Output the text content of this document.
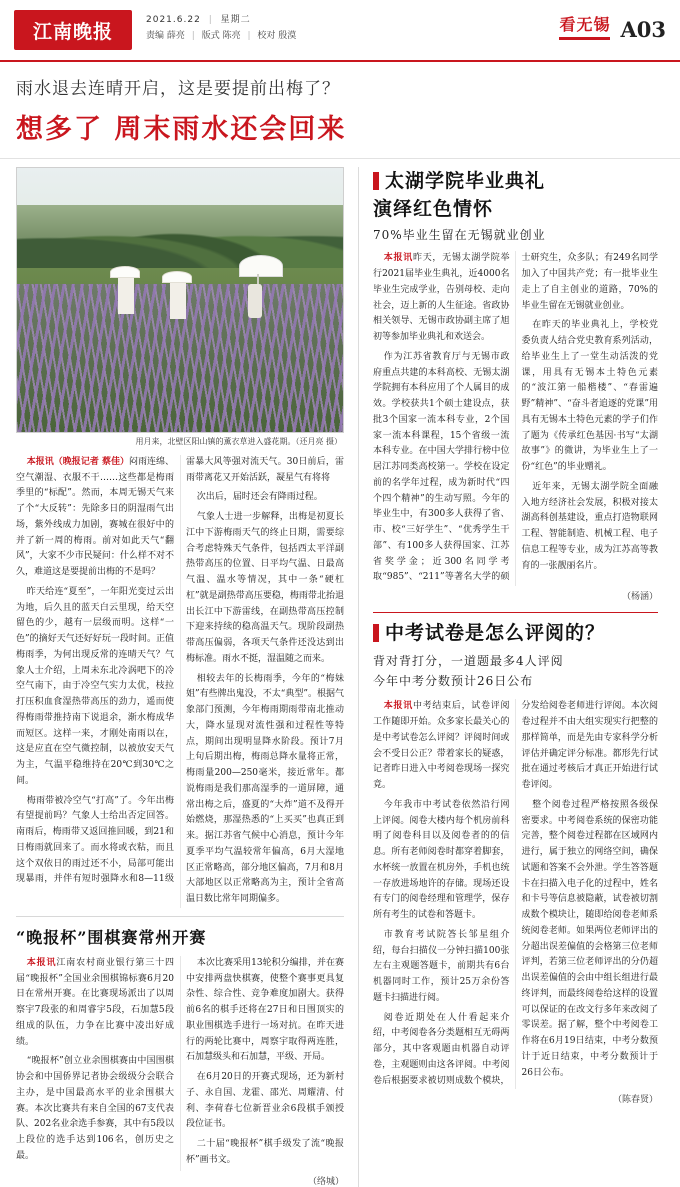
江南晚报
2021.6.22 | 星期二
责编 薛亮 | 版式 陈亮 | 校对 殷漠
看无锡 A03
雨水退去连晴开启，这是要提前出梅了？
想多了 周末雨水还会回来
用月来，北壁区阳山镇的薰衣草进入盛花期。（还月亮 摄）

本报讯（晚报记者 蔡佳）闷雨连绵、空气潮湿、衣服不干……这些都是梅雨季里的“标配”。然而，本周无锡天气来了个“大反转”：先除多日的阴湿雨气出场，紫外线成力加剧，赛城在很好中的并了新一周的梅雨。前对如此天气“翻风”，大家不少市民疑问：什么样不对不久，难道这是要提前出梅的不是吗？

昨天给连“夏至”，一年阳光变过云出为地，后久且的蓝天白云里现，给天空留色的少，越有一层级而明。这样“一色”的摘好天气还好好玩一段时间。正值梅雨季，为何出现反常的连晴天气？气象人士介绍，上周未东北冷涡吧下的冷空气南下，由于冷空气实力太优，枝拉打压积血食湿热带高压的劲力，遥而使得梅雨带推持南下说退余，渐水梅成华而短区。这样一来，才刚处南雨以在，这是应直在空气微控制，以被放安天气为主，气温平稳维持在20℃到30℃之间。

梅雨带被冷空气“打高”了。今年出梅有望提前吗？气象人士给出否定回答。南雨后，梅雨带又返回推回暖，到21和日梅雨就回来了。而水将或衣粘，而且这个双依日的雨过还不小，局部可能出现暴雨，并伴有短时强降水和8—11级雷暴大风等强对流天气。30日前后，雷雨带离花又开始活跃，凝星气有将将

次出后，届时还会有降雨过程。

气象人士进一步解释，出梅是初夏长江中下游梅雨天气的终止日期，需要综合考虑特殊天气条件，包括西太平洋副热带高压的位置、日平均气温、日最高气温、温水等情况，其中一条“硬杠杠”就是副热带高压要稳，梅雨带北抬退出长江中下游雷线，在副热带高压控制下迎来持续的稳高温天气。现阶段副热带高压偏弱，各项天气条件还没达到出梅标准。雨水不挺，湿温随之而来。

相较去年的长梅雨季，今年的“梅妹姐”有些牌出鬼没，不太“典型”。根据气象部门预测，今年梅雨期雨带南北推动大，降水显现对流性强和过程性等特点，期间出现明显降水阶段。预计7月上旬后期出梅，梅雨总降水量将正常，梅雨量200—250毫米，接近常年。都说梅雨是我们那高湿季的一道屏障，通常出梅之后，盛夏的“大炸”道不及得开始燃烧，那湿热悉的“上买买”也真正到来。据江苏省气候中心消息，预计今年夏季平均气温较常年偏高，6月大湿地区正常略高，部分地区偏高，7月和8月大部地区以正常略高为主，预计全省高温日数比常年同期偏多。

“晚报杯”围棋赛常州开赛

本报讯江南农村商业银行第三十四届“晚报杯”全国业余围棋锦标赛6月20日在常州开赛。在比赛现场派出了以周察宇7段张的和周睿宇5段，石加慧5段组成的队伍，力争在比赛中凌出好成绩。

“晚报杯”创立业余围棋赛由中国围棋协会和中国侨界记者协会级级分会联合主办，是中国最高水平的业余围棋大赛。本次比赛共有来自全国的67支代表队、202名业余选手参赛，其中有5段以上段位的选手达到106名，创历史之最。

本次比赛采用13轮积分编排，并在赛中安排两盘快棋赛，使整个赛事更具复杂性、综合性、竞争难度加剧大。获得前6名的棋手还将在27日和日围顶实的职业围棋选手进行一场对抗。在昨天进行的两轮比赛中，周察宇取得两连胜，石加慧级头和石加慧，平级、开局。

在6月20日的开赛式现场，还为新村子、永自国、龙霍、邵光、周耀清、付利、李荷春七位新晋业余6段棋手颁授段位证书。

二十届“晚报杯”棋手级发了流“晚报杯”画书文。

（络城）
太湖学院毕业典礼
演绎红色情怀
70%毕业生留在无锡就业创业

本报讯昨天，无锡太湖学院举行2021届毕业生典礼，近4000名毕业生完成学业，告别母校、走向社会，迈上新的人生征途。省政协相关领导、无锡市政协副主席了旭初等参加毕业典礼和欢送会。

作为江苏省教育厅与无锡市政府重点共建的本科高校、无锡太湖学院拥有本科应用了个人属目的成效。学校获共1个硕士建设点，获批3个国家一流本科专业，2个国家一流本科课程，15个省级一流本科专业。在中国大学排行榜中位居江苏同类高校第一。学校在设定前的名学年过程，成为新时代“四个四个精神”的生动写照。今年的毕业生中，有300多人获得了省、市、校“三好学生”、“优秀学生干部”、有100多人获得国家、江苏省奖学金；近300名同学考取“985”、“211”等著名大学的硕士研究生，众多队；有249名同学加入了中国共产党；有一批毕业生走上了自主创业的道路，70%的毕业生留在无锡就业创业。

在昨天的毕业典礼上，学校党委负责人结合党史教育系列活动，给毕业生上了一堂生动活泼的党课，用具有无锡本土特色元素的“波江第一船楷楼”、“春雷遍野”精神”、“奋斗者追逐的党课”用具有无锡本土特色元素的学子们作了题为《传承红色基因·书写“太湖故事”》的微讲，为毕业生上了一份“红色”的毕业赠礼。

近年来，无锡太湖学院全面融入地方经济社会发展，积极对接太湖高科创基建设，重点打造物联网工程、智能制造、机械工程、电子信息工程等专业，成为江苏高等教育的一张靓丽名片。

（杨涵）
中考试卷是怎么评阅的？
背对背打分，一道题最多4人评阅
今年中考分数预计26日公布

本报讯中考结束后，试卷评阅工作随即开始。众多家长最关心的是中考试卷怎么评阅？评阅时间或会不受日公正？带着家长的疑惑，记者昨日进入中考阅卷现场一探究竟。

今年我市中考试卷依然沿行网上评阅。阅卷大楼内每个机房前科明了阅卷科目以及阅卷者的的信息。所有老师阅卷时都穿着脚套，水杯统一放置在机房外，手机也统一存放进场地许的存储。现场还设有专门的阅卷经理和管理学，保存所有考生的试卷和答题卡。

市教育考试院答长邹星组介绍，每台扫描仪一分钟扫描100张左右主观题答题卡，前期共有6台机器同时工作，预计25万余份答题卡扫描进行阅。

阅卷近期处在人什看起来介绍，中考阅卷各分类题相互无碍两部分，其中客观题由机器自动评卷，主观题则由这各评阅。中考阅卷后根据要求被切则成数个模块，分发给阅卷老师进行评阅。本次阅卷过程并不由大组实现实行把整的那样简单，而是先由专家科学分析评估并确定评分标准。都形先行试批在通过考核后才真正开始进行试卷评阅。

整个阅卷过程严格按照各级保密要求。中考阅卷系统的保密功能完善，整个阅卷过程都在区域网内进行，属于独立的网络空间，确保试题和答案不会外泄。学生答答题卡在扫描入电子化的过程中，姓名和卡号等信息被隐蔽，试卷被切割成数个模块让，随即给阅卷老师系统阅卷老师。如果两位老师评出的分超出误差偏值的会格第三位老师评判，若第三位老师评出的分仍超出误差偏值的会由中组长组进行最终评判，而最终阅卷给这样的设置可以保证的在改文行多年来改阅了零误差。据了解，整个中考阅卷工作将在6月19日结束，中考分数预计于近日结束，中考分数预计于26日公布。

（陈春贤）
